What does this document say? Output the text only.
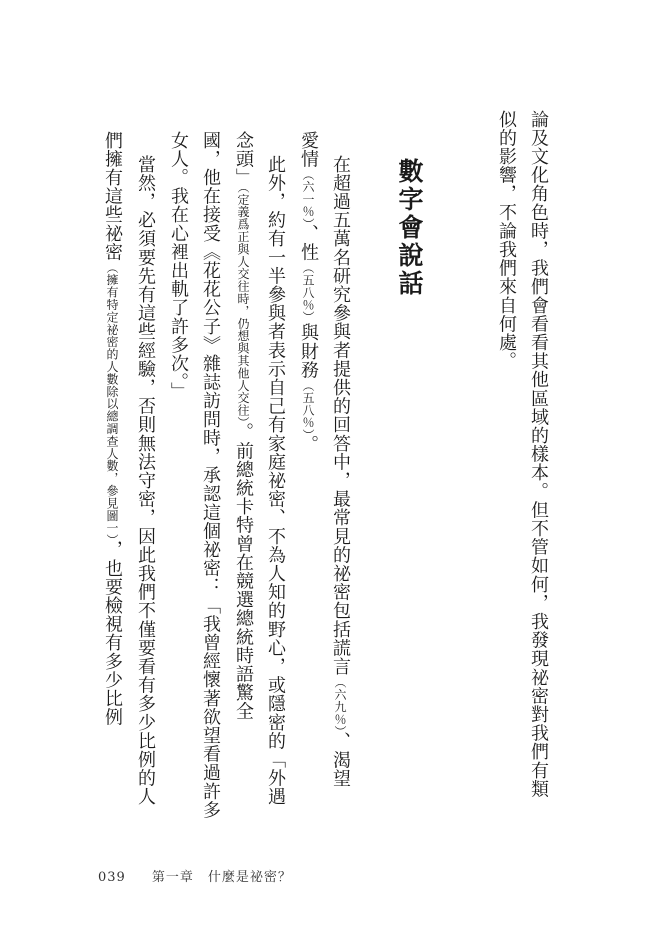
論及文化角色時，我們會看看其他區域的樣本。但不管如何，我發現祕密對我們有類
似的影響，不論我們來自何處。
數字會說話
在超過五萬名研究參與者提供的回答中，最常見的祕密包括謊言（六九％）、渴望
愛情（六一％）、性（五八％）與財務（五八％）。
此外，約有一半參與者表示自己有家庭祕密、不為人知的野心，或隱密的「外遇
念頭」（定義爲正與人交往時，仍想與其他人交往）。前總統卡特曾在競選總統時語驚全
國，他在接受《花花公子》雜誌訪問時，承認這個祕密：「我曾經懷著欲望看過許多
女人。我在心裡出軌了許多次。」
當然，必須要先有這些經驗，否則無法守密，因此我們不僅要看有多少比例的人
們擁有這些祕密（擁有特定祕密的人數除以總調查人數，參見圖一），也要檢視有多少比例
039 第一章 什麼是祕密？
